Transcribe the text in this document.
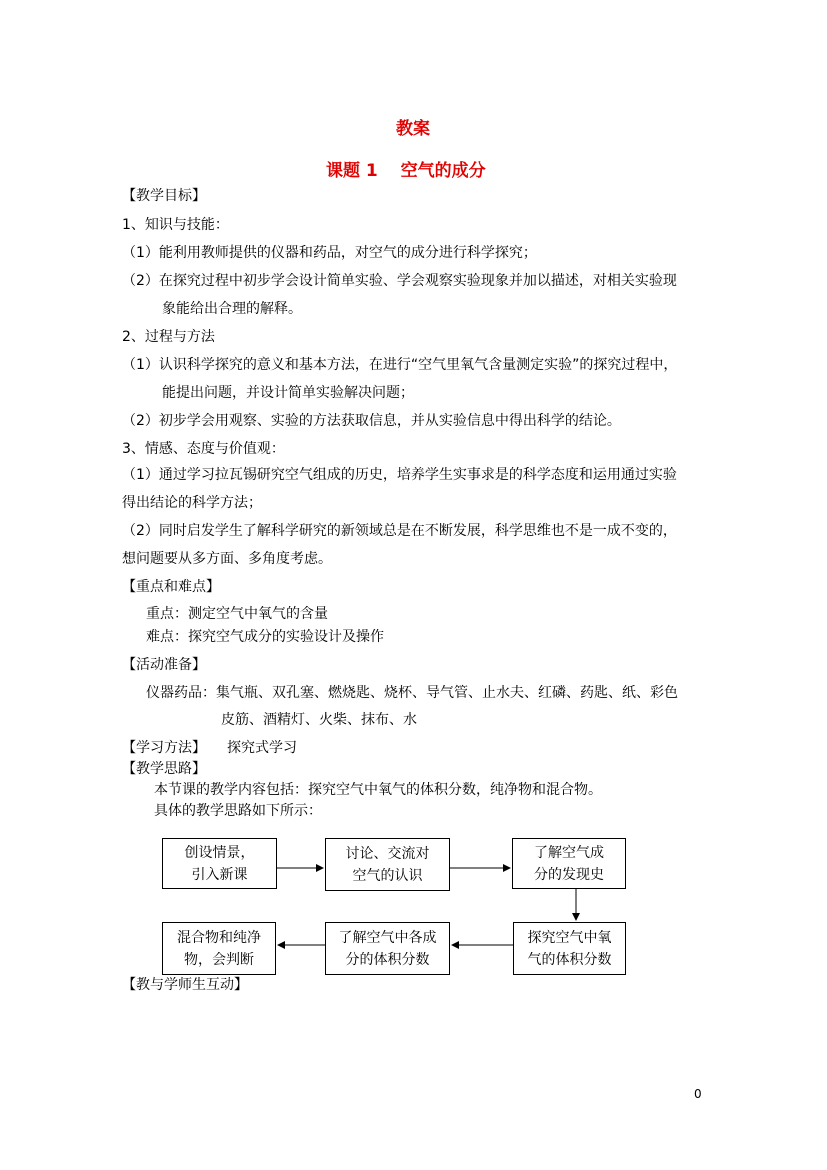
教案
课题 1　 空气的成分
【教学目标】
1、知识与技能：
（1）能利用教师提供的仪器和药品，对空气的成分进行科学探究；
（2）在探究过程中初步学会设计简单实验、学会观察实验现象并加以描述，对相关实验现
象能给出合理的解释。
2、过程与方法
（1）认识科学探究的意义和基本方法，在进行“空气里氧气含量测定实验”的探究过程中，
能提出问题，并设计简单实验解决问题；
（2）初步学会用观察、实验的方法获取信息，并从实验信息中得出科学的结论。
3、情感、态度与价值观：
（1）通过学习拉瓦锡研究空气组成的历史，培养学生实事求是的科学态度和运用通过实验
得出结论的科学方法；
（2）同时启发学生了解科学研究的新领域总是在不断发展，科学思维也不是一成不变的，
想问题要从多方面、多角度考虑。
【重点和难点】
重点：测定空气中氧气的含量
难点：探究空气成分的实验设计及操作
【活动准备】
仪器药品：集气瓶、双孔塞、燃烧匙、烧杯、导气管、止水夫、红磷、药匙、纸、彩色
皮筋、酒精灯、火柴、抹布、水
【学习方法】 探究式学习
【教学思路】
本节课的教学内容包括：探究空气中氧气的体积分数，纯净物和混合物。
具体的教学思路如下所示：
创设情景，
引入新课
讨论、交流对
空气的认识
了解空气成
分的发现史
探究空气中氧
气的体积分数
了解空气中各成
分的体积分数
混合物和纯净
物，会判断
【教与学师生互动】
0
